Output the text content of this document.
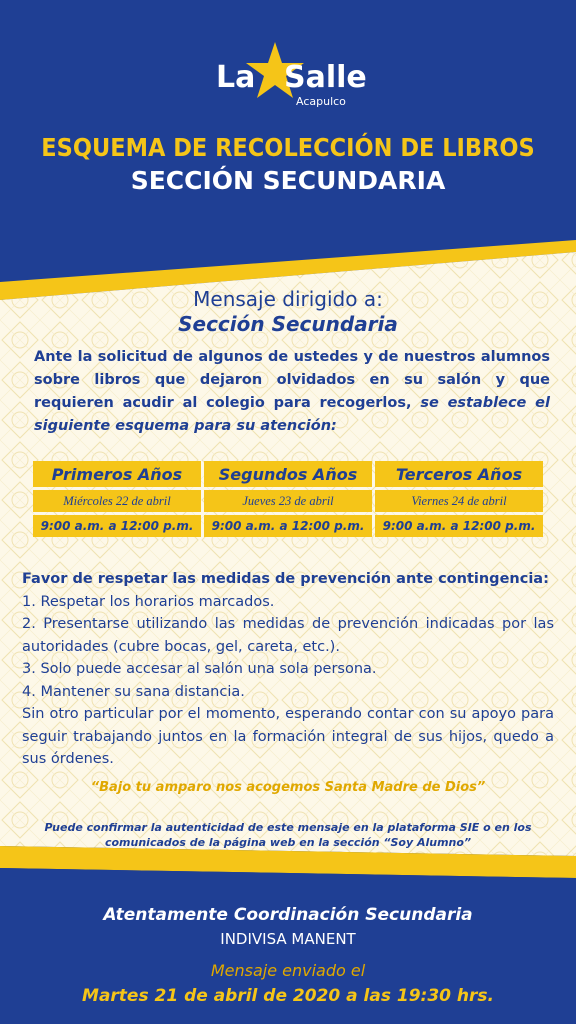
La Salle
Acapulco
ESQUEMA DE RECOLECCIÓN DE LIBROS
SECCIÓN SECUNDARIA
Mensaje dirigido a:
Sección Secundaria
Ante la solicitud de algunos de ustedes y de nuestros alumnos sobre libros que dejaron olvidados en su salón y que requieren acudir al colegio para recogerlos, se establece el siguiente esquema para su atención:
Primeros Años	Segundos Años	Terceros Años
Miércoles 22 de abril	Jueves 23 de abril	Viernes 24 de abril
9:00 a.m. a 12:00 p.m.	9:00 a.m. a 12:00 p.m.	9:00 a.m. a 12:00 p.m.
Favor de respetar las medidas de prevención ante contingencia:
1. Respetar los horarios marcados.
2. Presentarse utilizando las medidas de prevención indicadas por las autoridades (cubre bocas, gel, careta, etc.).
3. Solo puede accesar al salón una sola persona.
4. Mantener su sana distancia.
Sin otro particular por el momento, esperando contar con su apoyo para seguir trabajando juntos en la formación integral de sus hijos, quedo a sus órdenes.
“Bajo tu amparo nos acogemos Santa Madre de Dios”
Puede confirmar la autenticidad de este mensaje en la plataforma SIE o en los comunicados de la página web en la sección “Soy Alumno”
Atentamente Coordinación Secundaria
INDIVISA MANENT
Mensaje enviado el
Martes 21 de abril de 2020 a las 19:30 hrs.
